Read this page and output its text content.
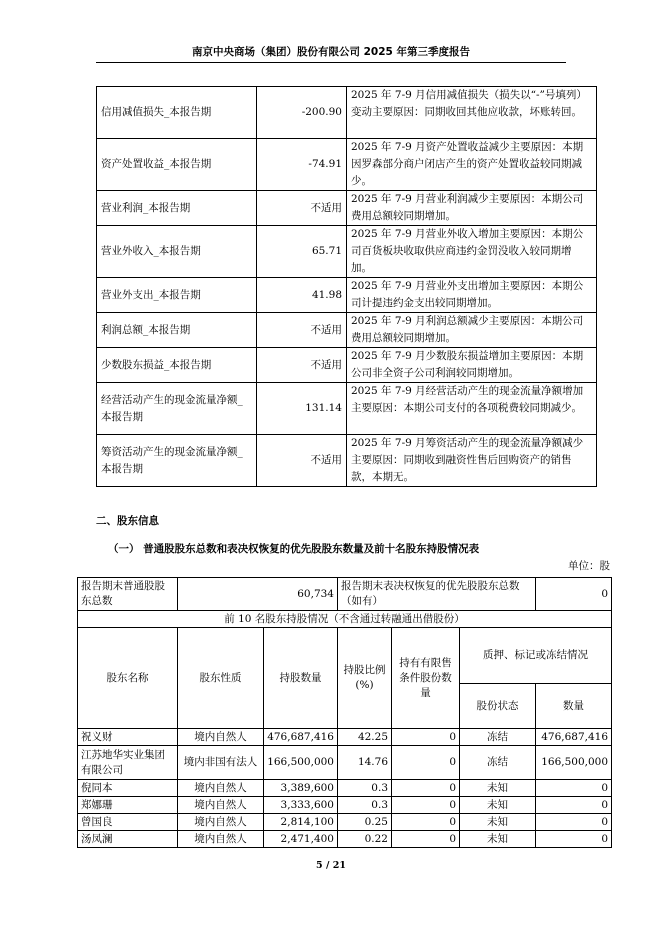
南京中央商场（集团）股份有限公司 2025 年第三季度报告
信用减值损失_本报告期	-200.90	2025 年 7-9 月信用减值损失（损失以“-”号填列）变动主要原因：同期收回其他应收款，坏账转回。
资产处置收益_本报告期	-74.91	2025 年 7-9 月资产处置收益减少主要原因：本期因罗森部分商户闭店产生的资产处置收益较同期减少。
营业利润_本报告期	不适用	2025 年 7-9 月营业利润减少主要原因：本期公司费用总额较同期增加。
营业外收入_本报告期	65.71	2025 年 7-9 月营业外收入增加主要原因：本期公司百货板块收取供应商违约金罚没收入较同期增加。
营业外支出_本报告期	41.98	2025 年 7-9 月营业外支出增加主要原因：本期公司计提违约金支出较同期增加。
利润总额_本报告期	不适用	2025 年 7-9 月利润总额减少主要原因：本期公司费用总额较同期增加。
少数股东损益_本报告期	不适用	2025 年 7-9 月少数股东损益增加主要原因：本期公司非全资子公司利润较同期增加。
经营活动产生的现金流量净额_本报告期	131.14	2025 年 7-9 月经营活动产生的现金流量净额增加主要原因：本期公司支付的各项税费较同期减少。
筹资活动产生的现金流量净额_本报告期	不适用	2025 年 7-9 月筹资活动产生的现金流量净额减少主要原因：同期收到融资性售后回购资产的销售款，本期无。
二、股东信息
（一） 普通股股东总数和表决权恢复的优先股股东数量及前十名股东持股情况表
单位：股
报告期末普通股股东总数	60,734		报告期末表决权恢复的优先股股东总数（如有）			0
前 10 名股东持股情况（不含通过转融通出借股份）						
股东名称	股东性质	持股数量	持股比例(%)	持有有限售条件股份数量	质押、标记或冻结情况	
					股份状态	数量
祝义财	境内自然人	476,687,416	42.25	0	冻结	476,687,416
江苏地华实业集团有限公司	境内非国有法人	166,500,000	14.76	0	冻结	166,500,000
倪同本	境内自然人	3,389,600	0.3	0	未知	0
郑娜珊	境内自然人	3,333,600	0.3	0	未知	0
曾国良	境内自然人	2,814,100	0.25	0	未知	0
汤凤澜	境内自然人	2,471,400	0.22	0	未知	0
5 / 21
